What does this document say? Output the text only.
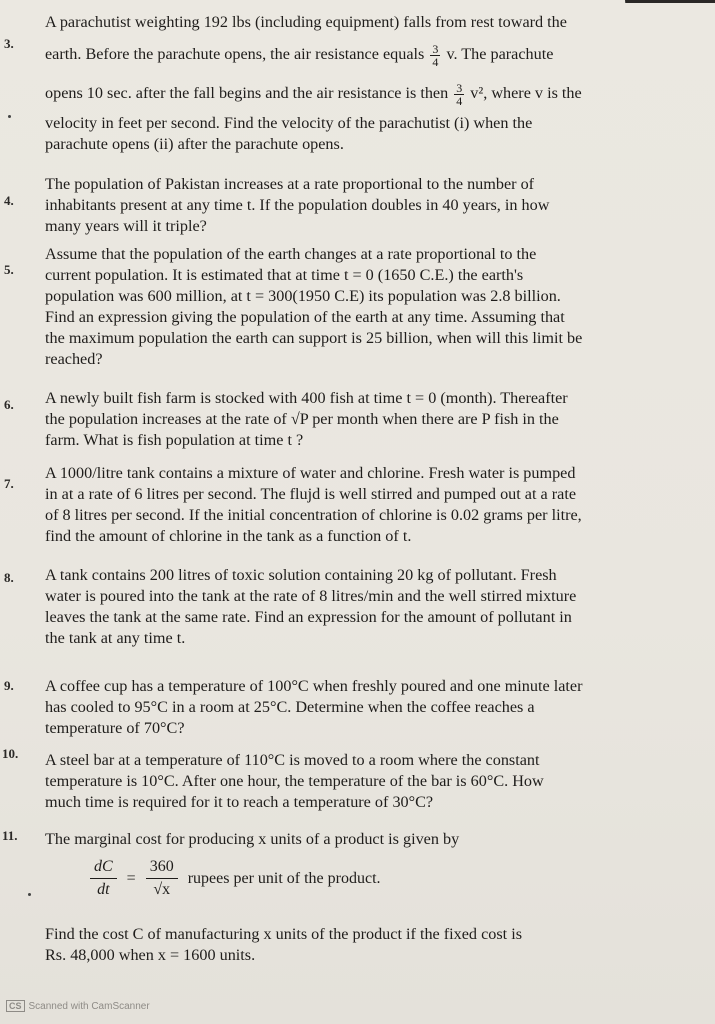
3.
A parachutist weighting 192 lbs (including equipment) falls from rest toward the
earth. Before the parachute opens, the air resistance equals $\frac{3}{4} v$. The parachute
opens 10 sec. after the fall begins and the air resistance is then $\frac{3}{4} v^2$, where v is the
velocity in feet per second. Find the velocity of the parachutist (i) when the
parachute opens (ii) after the parachute opens.
4.
The population of Pakistan increases at a rate proportional to the number of
inhabitants present at any time t. If the population doubles in 40 years, in how
many years will it triple?
5.
Assume that the population of the earth changes at a rate proportional to the
current population. It is estimated that at time t = 0 (1650 C.E.) the earth's
population was 600 million, at t = 300(1950 C.E) its population was 2.8 billion.
Find an expression giving the population of the earth at any time. Assuming that
the maximum population the earth can support is 25 billion, when will this limit be
reached?
6. A newly built fish farm is stocked with 400 fish at time t = 0 (month). Thereafter
the population increases at the rate of √P per month when there are P fish in the
farm. What is fish population at time t ?
7.
A 1000/litre tank contains a mixture of water and chlorine. Fresh water is pumped
in at a rate of 6 litres per second. The flujd is well stirred and pumped out at a rate
of 8 litres per second. If the initial concentration of chlorine is 0.02 grams per litre,
find the amount of chlorine in the tank as a function of t.
8. A tank contains 200 litres of toxic solution containing 20 kg of pollutant. Fresh
water is poured into the tank at the rate of 8 litres/min and the well stirred mixture
leaves the tank at the same rate. Find an expression for the amount of pollutant in
the tank at any time t.
9. A coffee cup has a temperature of 100°C when freshly poured and one minute later
has cooled to 95°C in a room at 25°C. Determine when the coffee reaches a
temperature of 70°C?
10. A steel bar at a temperature of 110°C is moved to a room where the constant
temperature is 10°C. After one hour, the temperature of the bar is 60°C. How
much time is required for it to reach a temperature of 30°C?
11. The marginal cost for producing x units of a product is given by
$\frac{dC}{dt} = \frac{360}{√x}$ rupees per unit of the product.
Find the cost C of manufacturing x units of the product if the fixed cost is
Rs. 48,000 when x = 1600 units.
CS Scanned with CamScanner
